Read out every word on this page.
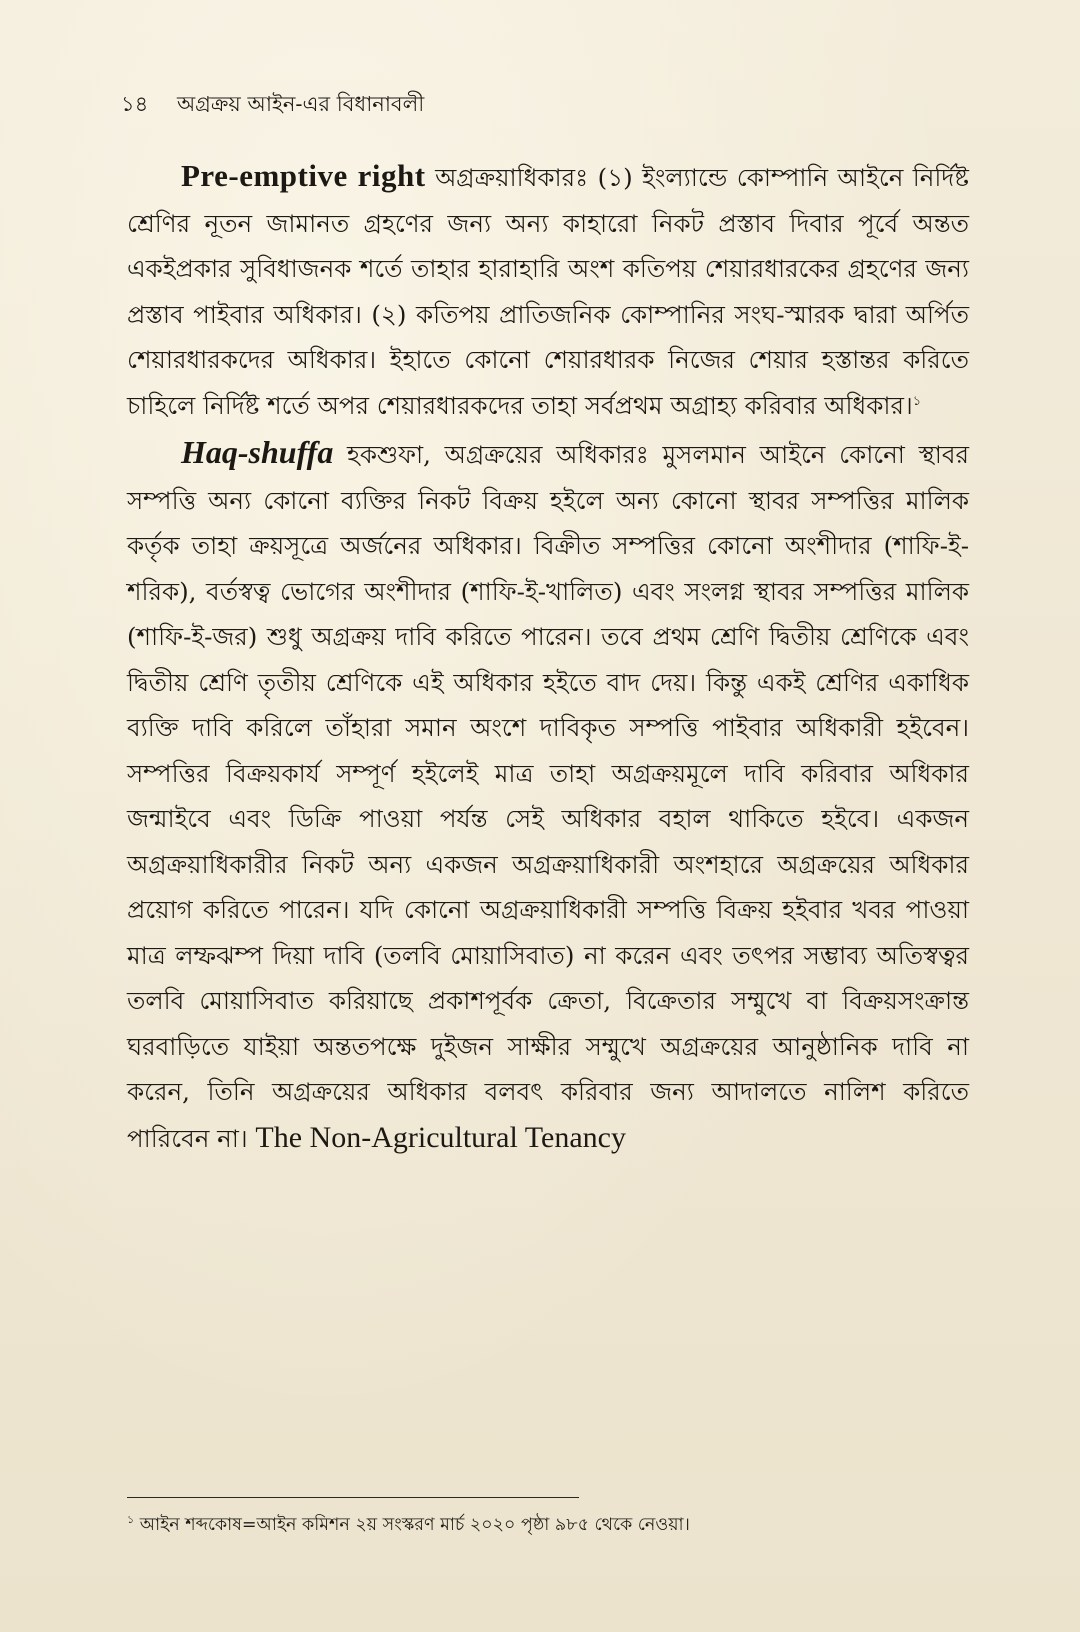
১৪ অগ্রক্রয় আইন-এর বিধানাবলী

Pre-emptive right অগ্রক্রয়াধিকারঃ (১) ইংল্যান্ডে কোম্পানি আইনে নির্দিষ্ট শ্রেণির নূতন জামানত গ্রহণের জন্য অন্য কাহারো নিকট প্রস্তাব দিবার পূর্বে অন্তত একইপ্রকার সুবিধাজনক শর্তে তাহার হারাহারি অংশ কতিপয় শেয়ারধারকের গ্রহণের জন্য প্রস্তাব পাইবার অধিকার। (২) কতিপয় প্রাতিজনিক কোম্পানির সংঘ-স্মারক দ্বারা অর্পিত শেয়ারধারকদের অধিকার। ইহাতে কোনো শেয়ারধারক নিজের শেয়ার হস্তান্তর করিতে চাহিলে নির্দিষ্ট শর্তে অপর শেয়ারধারকদের তাহা সর্বপ্রথম অগ্রাহ্য করিবার অধিকার।$^১$

Haq-shuffa হকশুফা, অগ্রক্রয়ের অধিকারঃ মুসলমান আইনে কোনো স্থাবর সম্পত্তি অন্য কোনো ব্যক্তির নিকট বিক্রয় হইলে অন্য কোনো স্থাবর সম্পত্তির মালিক কর্তৃক তাহা ক্রয়সূত্রে অর্জনের অধিকার। বিক্রীত সম্পত্তির কোনো অংশীদার (শাফি-ই-শরিক), বর্তস্বত্ব ভোগের অংশীদার (শাফি-ই-খালিত) এবং সংলগ্ন স্থাবর সম্পত্তির মালিক (শাফি-ই-জর) শুধু অগ্রক্রয় দাবি করিতে পারেন। তবে প্রথম শ্রেণি দ্বিতীয় শ্রেণিকে এবং দ্বিতীয় শ্রেণি তৃতীয় শ্রেণিকে এই অধিকার হইতে বাদ দেয়। কিন্তু একই শ্রেণির একাধিক ব্যক্তি দাবি করিলে তাঁহারা সমান অংশে দাবিকৃত সম্পত্তি পাইবার অধিকারী হইবেন। সম্পত্তির বিক্রয়কার্য সম্পূর্ণ হইলেই মাত্র তাহা অগ্রক্রয়মূলে দাবি করিবার অধিকার জন্মাইবে এবং ডিক্রি পাওয়া পর্যন্ত সেই অধিকার বহাল থাকিতে হইবে। একজন অগ্রক্রয়াধিকারীর নিকট অন্য একজন অগ্রক্রয়াধিকারী অংশহারে অগ্রক্রয়ের অধিকার প্রয়োগ করিতে পারেন। যদি কোনো অগ্রক্রয়াধিকারী সম্পত্তি বিক্রয় হইবার খবর পাওয়া মাত্র লম্ফঝম্প দিয়া দাবি (তলবি মোয়াসিবাত) না করেন এবং তৎপর সম্ভাব্য অতিস্বত্বর তলবি মোয়াসিবাত করিয়াছে প্রকাশপূর্বক ক্রেতা, বিক্রেতার সম্মুখে বা বিক্রয়সংক্রান্ত ঘরবাড়িতে যাইয়া অন্ততপক্ষে দুইজন সাক্ষীর সম্মুখে অগ্রক্রয়ের আনুষ্ঠানিক দাবি না করেন, তিনি অগ্রক্রয়ের অধিকার বলবৎ করিবার জন্য আদালতে নালিশ করিতে পারিবেন না। The Non-Agricultural Tenancy

$^১$ আইন শব্দকোষ=আইন কমিশন ২য় সংস্করণ মার্চ ২০২০ পৃষ্ঠা ৯৮৫ থেকে নেওয়া।
